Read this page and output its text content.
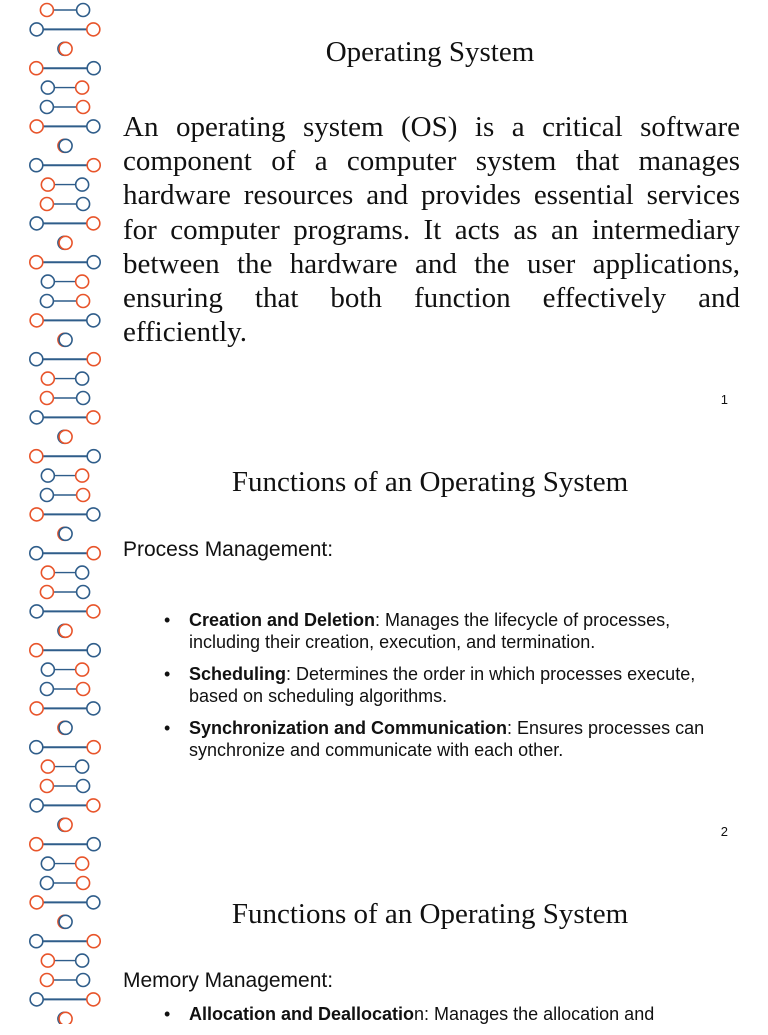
Operating System

An operating system (OS) is a critical software component of a computer system that manages hardware resources and provides essential services for computer programs. It acts as an intermediary between the hardware and the user applications, ensuring that both function effectively and efficiently.

1
Functions of an Operating System
Process Management:
• Creation and Deletion: Manages the lifecycle of processes, including their creation, execution, and termination.
• Scheduling: Determines the order in which processes execute, based on scheduling algorithms.
• Synchronization and Communication: Ensures processes can synchronize and communicate with each other.
2
Functions of an Operating System
Memory Management:
• Allocation and Deallocation: Manages the allocation and
